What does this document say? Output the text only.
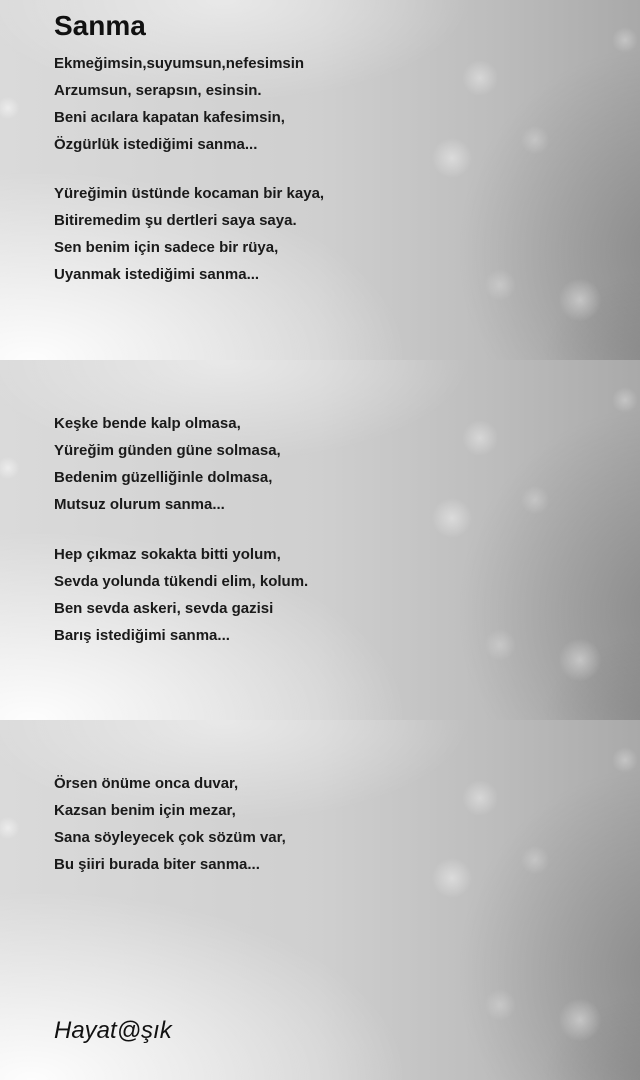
Sanma
Ekmeğimsin,suyumsun,nefesimsin
Arzumsun, serapsın, esinsin.
Beni acılara kapatan kafesimsin,
Özgürlük istediğimi sanma...
Yüreğimin üstünde kocaman bir kaya,
Bitiremedim şu dertleri saya saya.
Sen benim için sadece bir rüya,
Uyanmak istediğimi sanma...
Keşke bende kalp olmasa,
Yüreğim günden güne solmasa,
Bedenim güzelliğinle dolmasa,
Mutsuz olurum sanma...
Hep çıkmaz sokakta bitti yolum,
Sevda yolunda tükendi elim, kolum.
Ben sevda askeri, sevda gazisi
Barış istediğimi sanma...
Örsen önüme onca duvar,
Kazsan benim için mezar,
Sana söyleyecek çok sözüm var,
Bu şiiri burada biter sanma...
Hayat@şık
